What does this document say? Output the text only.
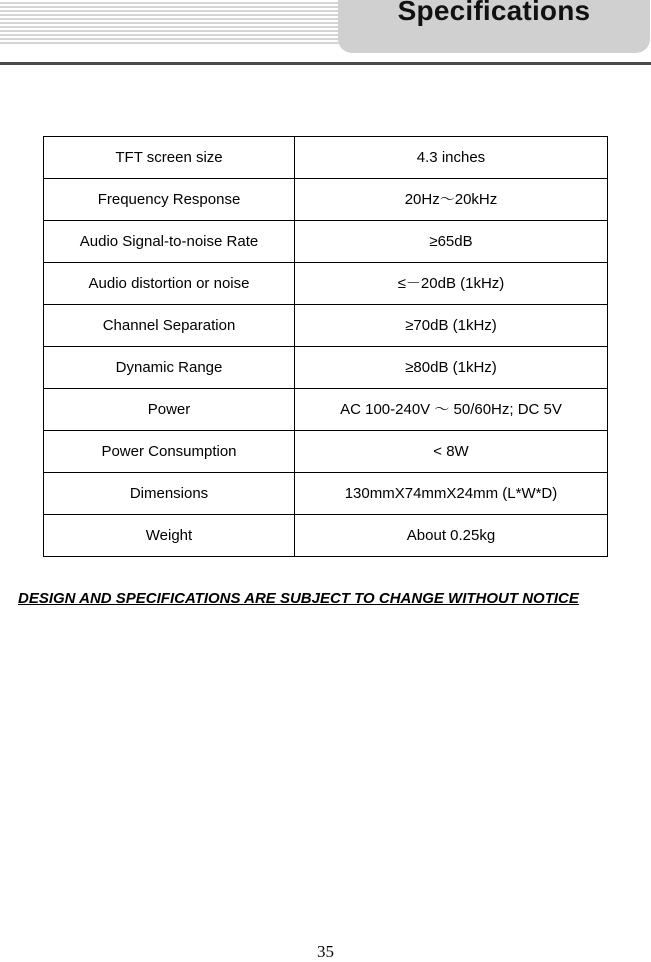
Specifications
TFT screen size	4.3 inches
Frequency Response	20Hz～20kHz
Audio Signal-to-noise Rate	≥65dB
Audio distortion or noise	≤－20dB (1kHz)
Channel Separation	≥70dB (1kHz)
Dynamic Range	≥80dB (1kHz)
Power	AC 100-240V ～ 50/60Hz; DC 5V
Power Consumption	< 8W
Dimensions	130mmX74mmX24mm (L*W*D)
Weight	About 0.25kg
DESIGN AND SPECIFICATIONS ARE SUBJECT TO CHANGE WITHOUT NOTICE
35
